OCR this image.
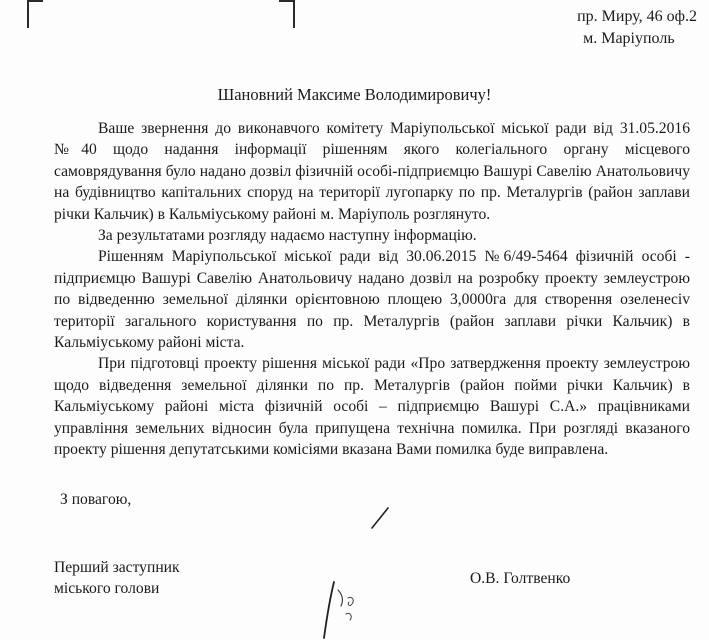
пр. Миру, 46 оф.2
м. Маріуполь
Шановний Максиме Володимировичу!

Ваше звернення до виконавчого комітету Маріупольської міської ради від 31.05.2016 №40 щодо надання інформації рішенням якого колегіального органу місцевого самоврядування було надано дозвіл фізичній особі-підприємцю Вашурі Савелію Анатольовичу на будівництво капітальних споруд на території лугопарку по пр. Металургів (район заплави річки Кальчик) в Кальміуському районі м. Маріуполь розглянуто.

За результатами розгляду надаємо наступну інформацію.

Рішенням Маріупольської міської ради від 30.06.2015 №6/49-5464 фізичній особі - підприємцю Вашурі Савелію Анатольовичу надано дозвіл на розробку проекту землеустрою по відведенню земельної ділянки орієнтовною площею 3,0000га для створення озеленеciv території загального користування по пр. Металургів (район заплави річки Кальчик) в Кальміуському районі міста.

При підготовці проекту рішення міської ради «Про затвердження проекту землеустрою щодо відведення земельної ділянки по пр. Металургів (район пойми річки Кальчик) в Кальміуському районі міста фізичній особі – підприємцю Вашурі С.А.» працівниками управління земельних відносин була припущена технічна помилка. При розгляді вказаного проекту рішення депутатськими комісіями вказана Вами помилка буде виправлена.

З повагою,
Перший заступник
міського голови
О.В. Голтвенко
